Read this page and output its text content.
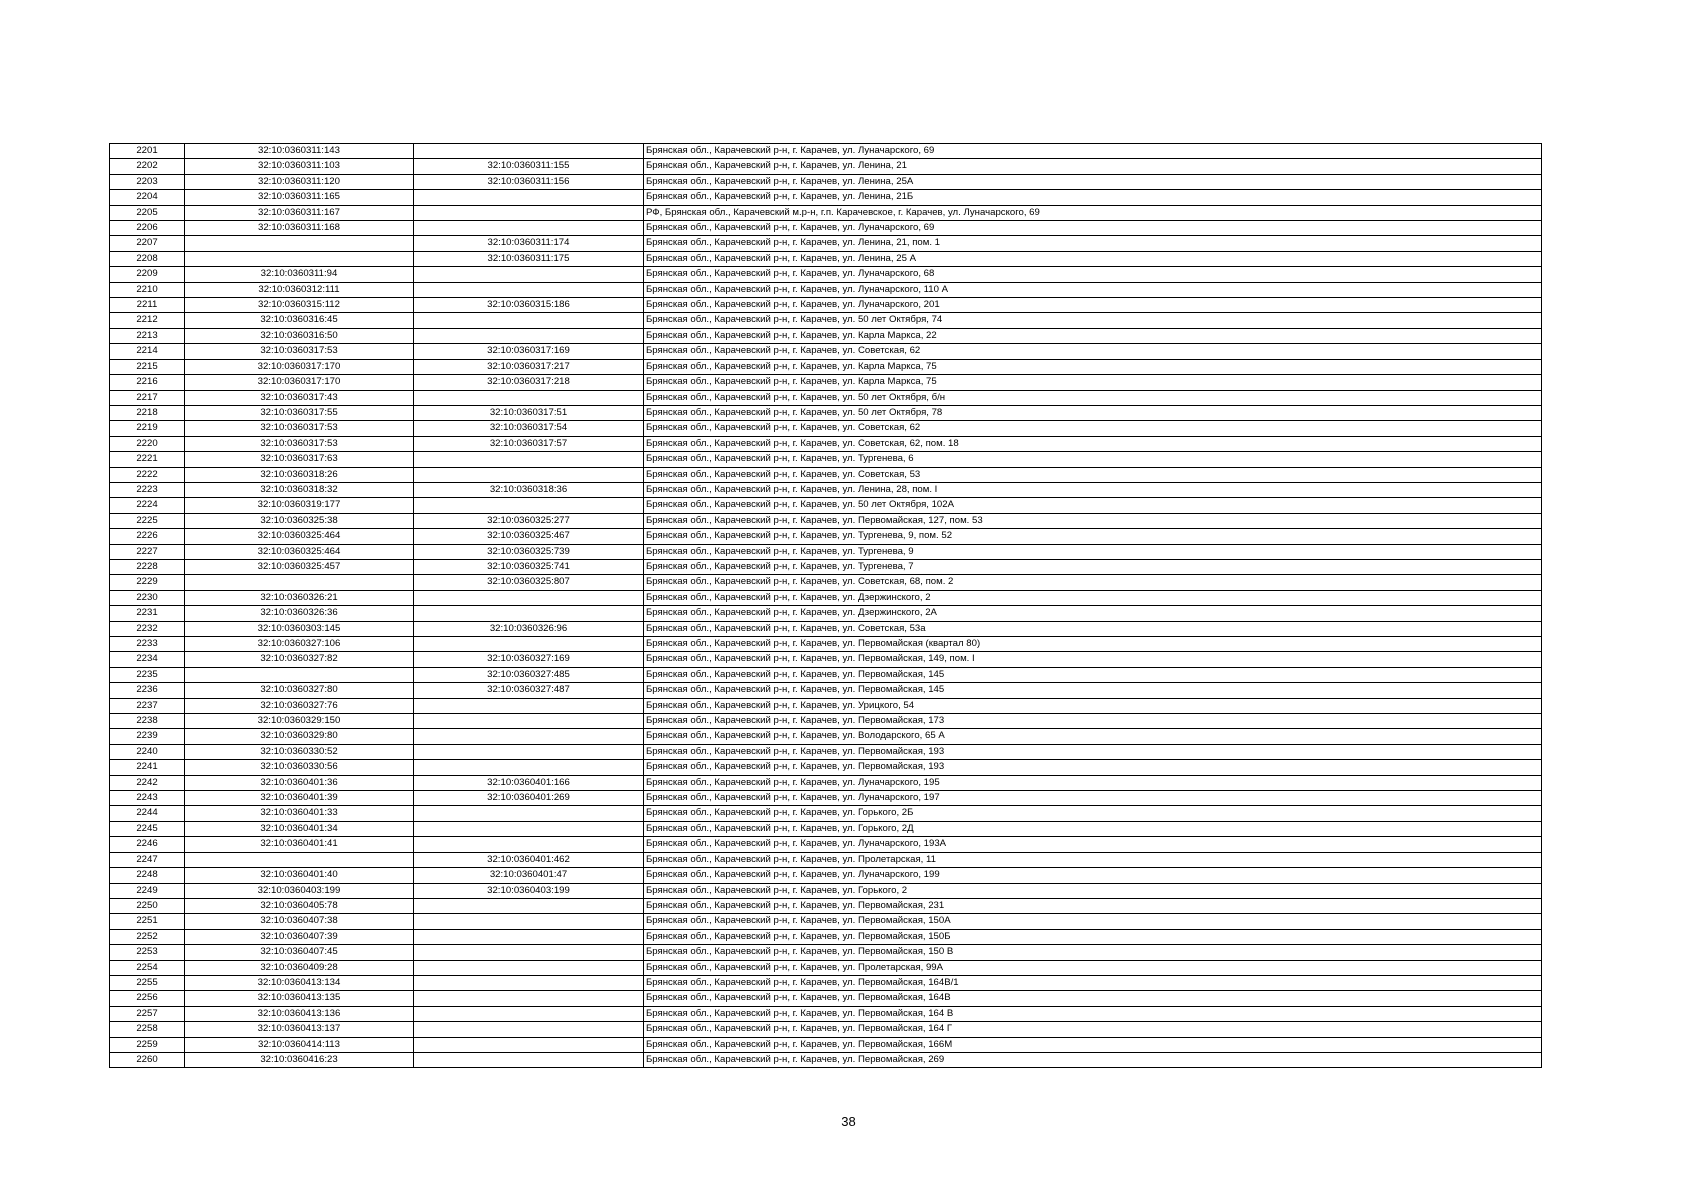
2201	32:10:0360311:143		Брянская обл., Карачевский р-н, г. Карачев, ул. Луначарского, 69
2202	32:10:0360311:103	32:10:0360311:155	Брянская обл., Карачевский р-н, г. Карачев, ул. Ленина, 21
2203	32:10:0360311:120	32:10:0360311:156	Брянская обл., Карачевский р-н, г. Карачев, ул. Ленина, 25А
2204	32:10:0360311:165		Брянская обл., Карачевский р-н, г. Карачев, ул. Ленина, 21Б
2205	32:10:0360311:167		РФ, Брянская обл., Карачевский м.р-н, г.п. Карачевское, г. Карачев, ул. Луначарского, 69
2206	32:10:0360311:168		Брянская обл., Карачевский р-н, г. Карачев, ул. Луначарского, 69
2207		32:10:0360311:174	Брянская обл., Карачевский р-н, г. Карачев, ул. Ленина, 21, пом. 1
2208		32:10:0360311:175	Брянская обл., Карачевский р-н, г. Карачев, ул. Ленина, 25 А
2209	32:10:0360311:94		Брянская обл., Карачевский р-н, г. Карачев, ул. Луначарского, 68
2210	32:10:0360312:111		Брянская обл., Карачевский р-н, г. Карачев, ул. Луначарского, 110 А
2211	32:10:0360315:112	32:10:0360315:186	Брянская обл., Карачевский р-н, г. Карачев, ул. Луначарского, 201
2212	32:10:0360316:45		Брянская обл., Карачевский р-н, г. Карачев, ул. 50 лет Октября, 74
2213	32:10:0360316:50		Брянская обл., Карачевский р-н, г. Карачев, ул. Карла Маркса, 22
2214	32:10:0360317:53	32:10:0360317:169	Брянская обл., Карачевский р-н, г. Карачев, ул. Советская, 62
2215	32:10:0360317:170	32:10:0360317:217	Брянская обл., Карачевский р-н, г. Карачев, ул. Карла Маркса, 75
2216	32:10:0360317:170	32:10:0360317:218	Брянская обл., Карачевский р-н, г. Карачев, ул. Карла Маркса, 75
2217	32:10:0360317:43		Брянская обл., Карачевский р-н, г. Карачев, ул. 50 лет Октября, б/н
2218	32:10:0360317:55	32:10:0360317:51	Брянская обл., Карачевский р-н, г. Карачев, ул. 50 лет Октября, 78
2219	32:10:0360317:53	32:10:0360317:54	Брянская обл., Карачевский р-н, г. Карачев, ул. Советская, 62
2220	32:10:0360317:53	32:10:0360317:57	Брянская обл., Карачевский р-н, г. Карачев, ул. Советская, 62, пом. 18
2221	32:10:0360317:63		Брянская обл., Карачевский р-н, г. Карачев, ул. Тургенева, 6
2222	32:10:0360318:26		Брянская обл., Карачевский р-н, г. Карачев, ул. Советская, 53
2223	32:10:0360318:32	32:10:0360318:36	Брянская обл., Карачевский р-н, г. Карачев, ул. Ленина, 28, пом. I
2224	32:10:0360319:177		Брянская обл., Карачевский р-н, г. Карачев, ул. 50 лет Октября, 102А
2225	32:10:0360325:38	32:10:0360325:277	Брянская обл., Карачевский р-н, г. Карачев, ул. Первомайская, 127, пом. 53
2226	32:10:0360325:464	32:10:0360325:467	Брянская обл., Карачевский р-н, г. Карачев, ул. Тургенева, 9, пом. 52
2227	32:10:0360325:464	32:10:0360325:739	Брянская обл., Карачевский р-н, г. Карачев, ул. Тургенева, 9
2228	32:10:0360325:457	32:10:0360325:741	Брянская обл., Карачевский р-н, г. Карачев, ул. Тургенева, 7
2229		32:10:0360325:807	Брянская обл., Карачевский р-н, г. Карачев, ул. Советская, 68, пом. 2
2230	32:10:0360326:21		Брянская обл., Карачевский р-н, г. Карачев, ул. Дзержинского, 2
2231	32:10:0360326:36		Брянская обл., Карачевский р-н, г. Карачев, ул. Дзержинского, 2А
2232	32:10:0360303:145	32:10:0360326:96	Брянская обл., Карачевский р-н, г. Карачев, ул. Советская, 53а
2233	32:10:0360327:106		Брянская обл., Карачевский р-н, г. Карачев, ул. Первомайская (квартал 80)
2234	32:10:0360327:82	32:10:0360327:169	Брянская обл., Карачевский р-н, г. Карачев, ул. Первомайская, 149, пом. I
2235		32:10:0360327:485	Брянская обл., Карачевский р-н, г. Карачев, ул. Первомайская, 145
2236	32:10:0360327:80	32:10:0360327:487	Брянская обл., Карачевский р-н, г. Карачев, ул. Первомайская, 145
2237	32:10:0360327:76		Брянская обл., Карачевский р-н, г. Карачев, ул. Урицкого, 54
2238	32:10:0360329:150		Брянская обл., Карачевский р-н, г. Карачев, ул. Первомайская, 173
2239	32:10:0360329:80		Брянская обл., Карачевский р-н, г. Карачев, ул. Володарского, 65 А
2240	32:10:0360330:52		Брянская обл., Карачевский р-н, г. Карачев, ул. Первомайская, 193
2241	32:10:0360330:56		Брянская обл., Карачевский р-н, г. Карачев, ул. Первомайская, 193
2242	32:10:0360401:36	32:10:0360401:166	Брянская обл., Карачевский р-н, г. Карачев, ул. Луначарского, 195
2243	32:10:0360401:39	32:10:0360401:269	Брянская обл., Карачевский р-н, г. Карачев, ул. Луначарского, 197
2244	32:10:0360401:33		Брянская обл., Карачевский р-н, г. Карачев, ул. Горького, 2Б
2245	32:10:0360401:34		Брянская обл., Карачевский р-н, г. Карачев, ул. Горького, 2Д
2246	32:10:0360401:41		Брянская обл., Карачевский р-н, г. Карачев, ул. Луначарского, 193А
2247		32:10:0360401:462	Брянская обл., Карачевский р-н, г. Карачев, ул. Пролетарская, 11
2248	32:10:0360401:40	32:10:0360401:47	Брянская обл., Карачевский р-н, г. Карачев, ул. Луначарского, 199
2249	32:10:0360403:199	32:10:0360403:199	Брянская обл., Карачевский р-н, г. Карачев, ул. Горького, 2
2250	32:10:0360405:78		Брянская обл., Карачевский р-н, г. Карачев, ул. Первомайская, 231
2251	32:10:0360407:38		Брянская обл., Карачевский р-н, г. Карачев, ул. Первомайская, 150А
2252	32:10:0360407:39		Брянская обл., Карачевский р-н, г. Карачев, ул. Первомайская, 150Б
2253	32:10:0360407:45		Брянская обл., Карачевский р-н, г. Карачев, ул. Первомайская, 150 В
2254	32:10:0360409:28		Брянская обл., Карачевский р-н, г. Карачев, ул. Пролетарская, 99А
2255	32:10:0360413:134		Брянская обл., Карачевский р-н, г. Карачев, ул. Первомайская, 164В/1
2256	32:10:0360413:135		Брянская обл., Карачевский р-н, г. Карачев, ул. Первомайская, 164В
2257	32:10:0360413:136		Брянская обл., Карачевский р-н, г. Карачев, ул. Первомайская, 164 В
2258	32:10:0360413:137		Брянская обл., Карачевский р-н, г. Карачев, ул. Первомайская, 164 Г
2259	32:10:0360414:113		Брянская обл., Карачевский р-н, г. Карачев, ул. Первомайская, 166М
2260	32:10:0360416:23		Брянская обл., Карачевский р-н, г. Карачев, ул. Первомайская, 269
38
